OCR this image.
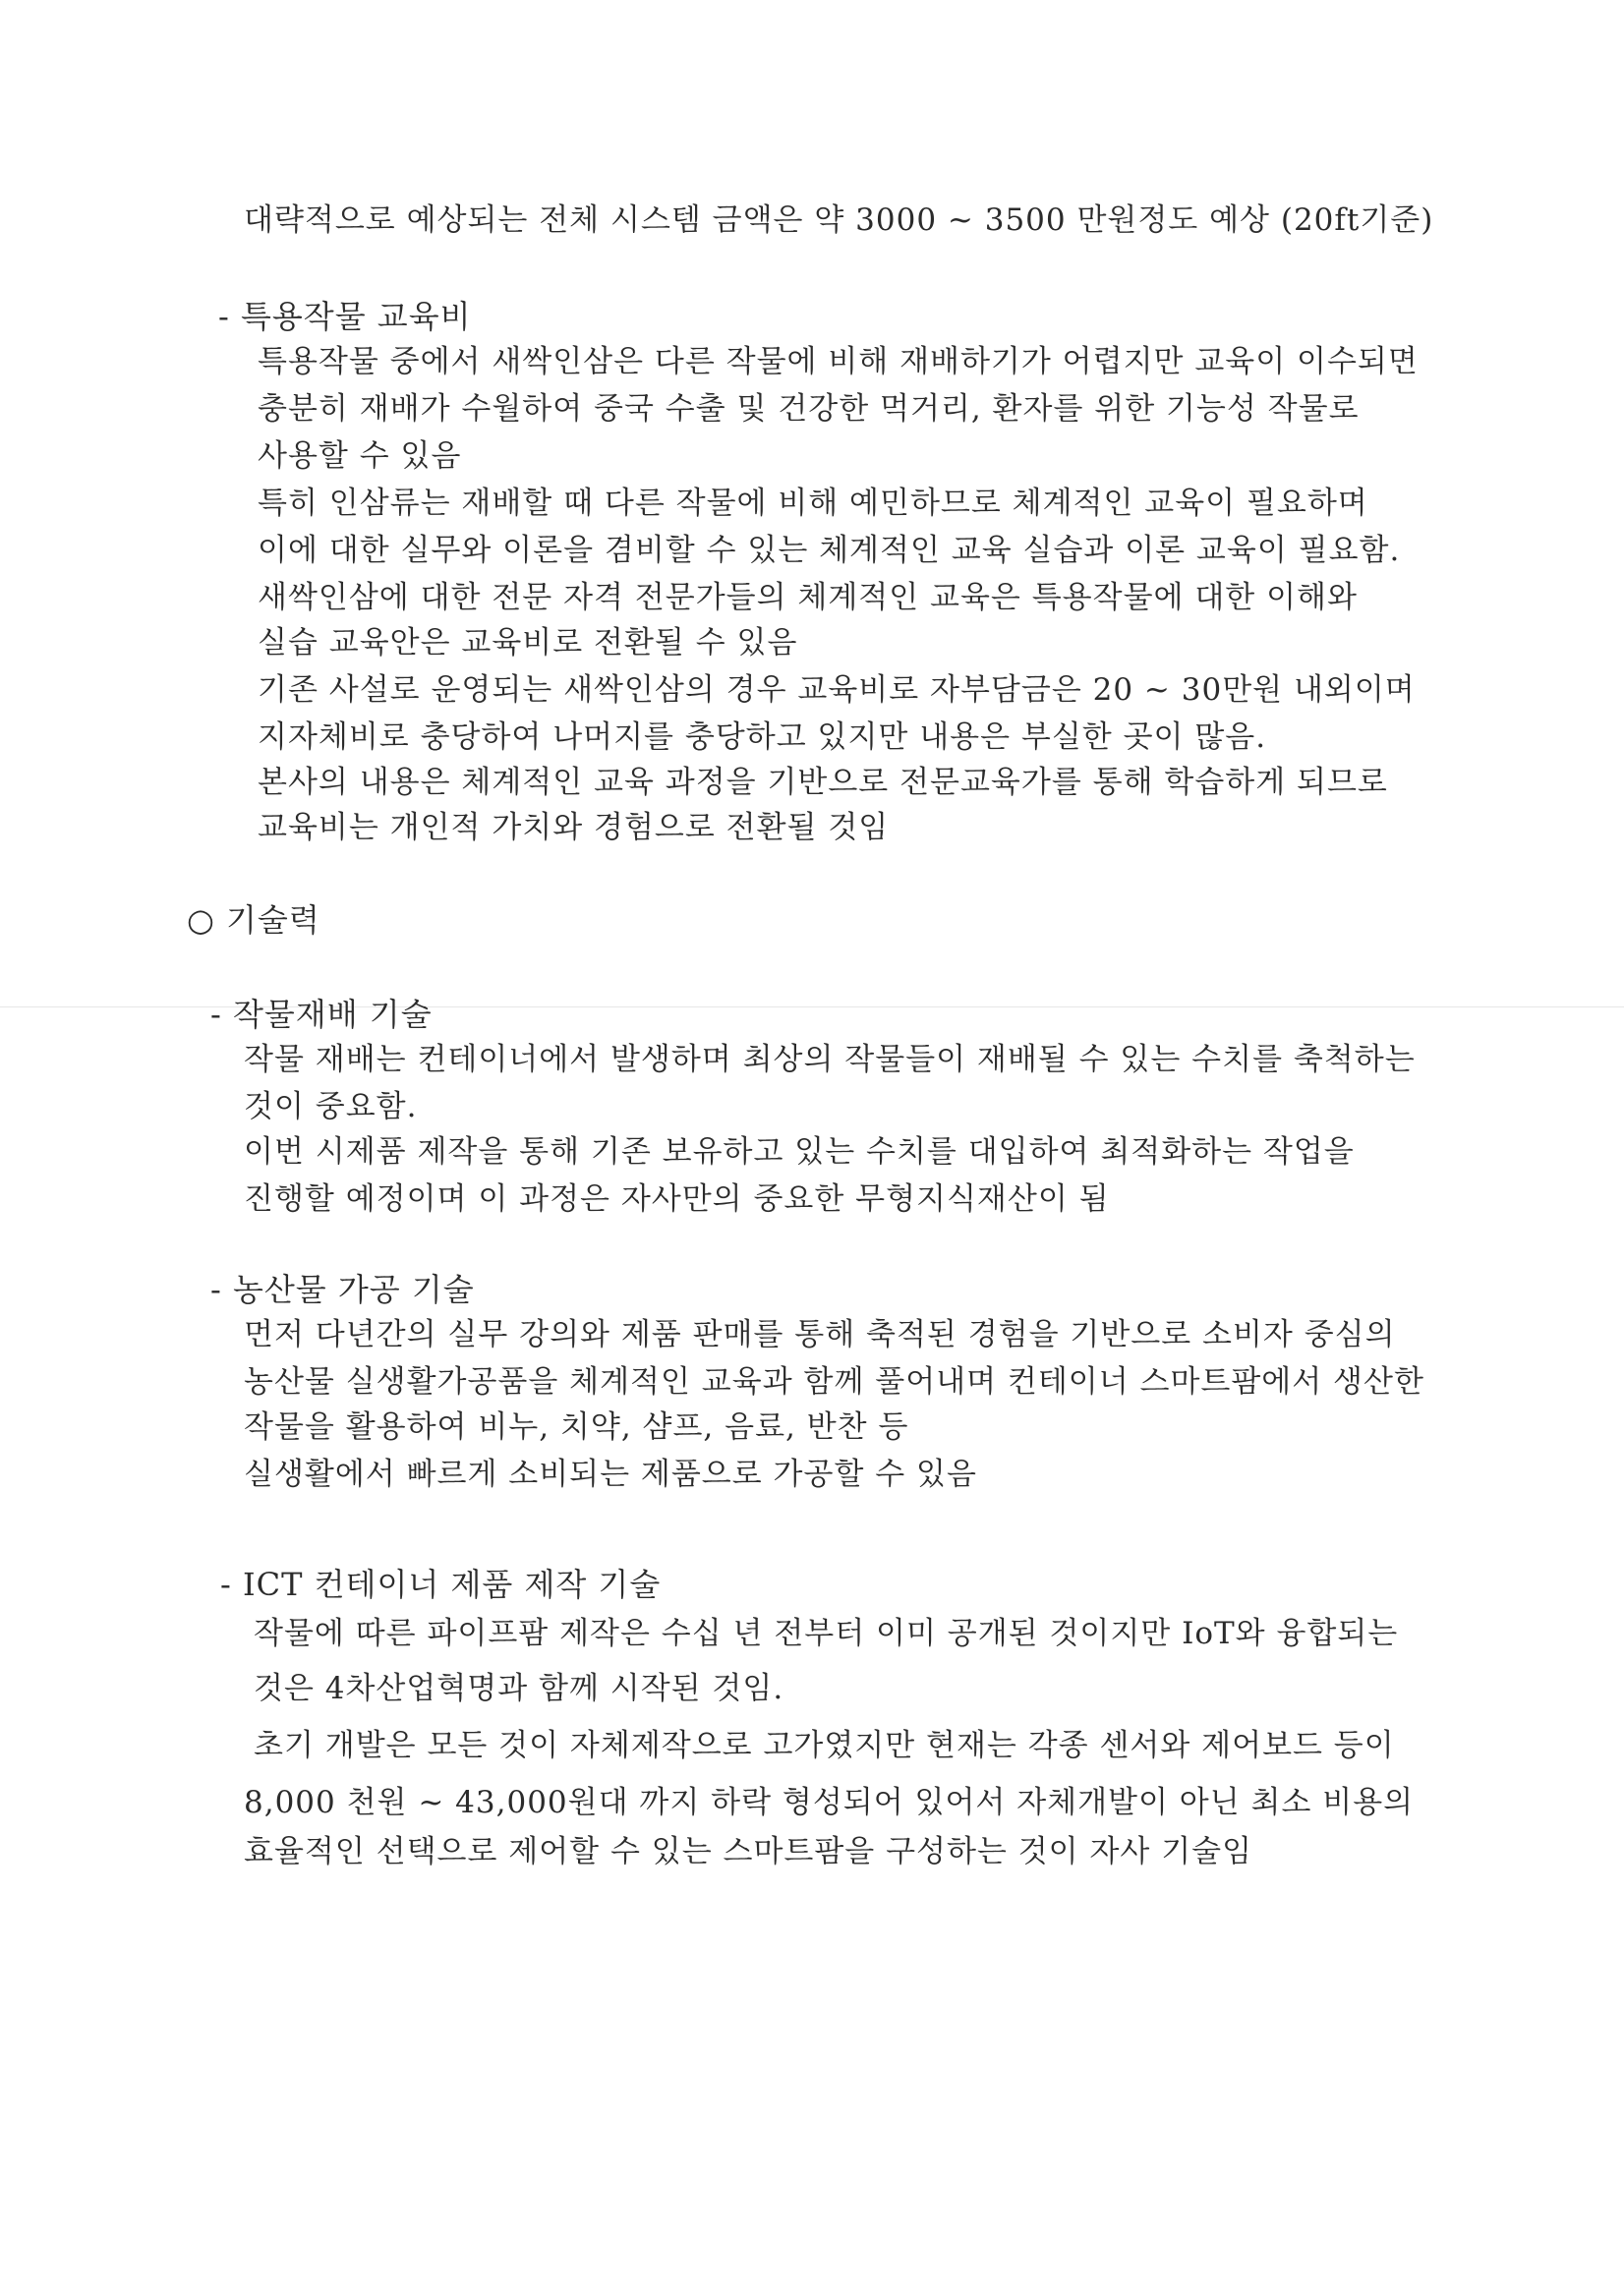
대략적으로 예상되는 전체 시스템 금액은 약 3000 ~ 3500 만원정도 예상 (20ft기준)

- 특용작물 교육비

특용작물 중에서 새싹인삼은 다른 작물에 비해 재배하기가 어렵지만 교육이 이수되면

충분히 재배가 수월하여 중국 수출 및 건강한 먹거리, 환자를 위한 기능성 작물로

사용할 수 있음

특히 인삼류는 재배할 때 다른 작물에 비해 예민하므로 체계적인 교육이 필요하며

이에 대한 실무와 이론을 겸비할 수 있는 체계적인 교육 실습과 이론 교육이 필요함.

새싹인삼에 대한 전문 자격 전문가들의 체계적인 교육은 특용작물에 대한 이해와

실습 교육안은 교육비로 전환될 수 있음

기존 사설로 운영되는 새싹인삼의 경우 교육비로 자부담금은 20 ~ 30만원 내외이며

지자체비로 충당하여 나머지를 충당하고 있지만 내용은 부실한 곳이 많음.

본사의 내용은 체계적인 교육 과정을 기반으로 전문교육가를 통해 학습하게 되므로

교육비는 개인적 가치와 경험으로 전환될 것임

○ 기술력

- 작물재배 기술

작물 재배는 컨테이너에서 발생하며 최상의 작물들이 재배될 수 있는 수치를 축척하는

것이 중요함.

이번 시제품 제작을 통해 기존 보유하고 있는 수치를 대입하여 최적화하는 작업을

진행할 예정이며 이 과정은 자사만의 중요한 무형지식재산이 됨

- 농산물 가공 기술

먼저 다년간의 실무 강의와 제품 판매를 통해 축적된 경험을 기반으로 소비자 중심의

농산물 실생활가공품을 체계적인 교육과 함께 풀어내며 컨테이너 스마트팜에서 생산한

작물을 활용하여 비누, 치약, 샴프, 음료, 반찬 등

실생활에서 빠르게 소비되는 제품으로 가공할 수 있음

- ICT 컨테이너 제품 제작 기술

작물에 따른 파이프팜 제작은 수십 년 전부터 이미 공개된 것이지만 IoT와 융합되는

것은 4차산업혁명과 함께 시작된 것임.

초기 개발은 모든 것이 자체제작으로 고가였지만 현재는 각종 센서와 제어보드 등이

8,000 천원 ~ 43,000원대 까지 하락 형성되어 있어서 자체개발이 아닌 최소 비용의

효율적인 선택으로 제어할 수 있는 스마트팜을 구성하는 것이 자사 기술임
